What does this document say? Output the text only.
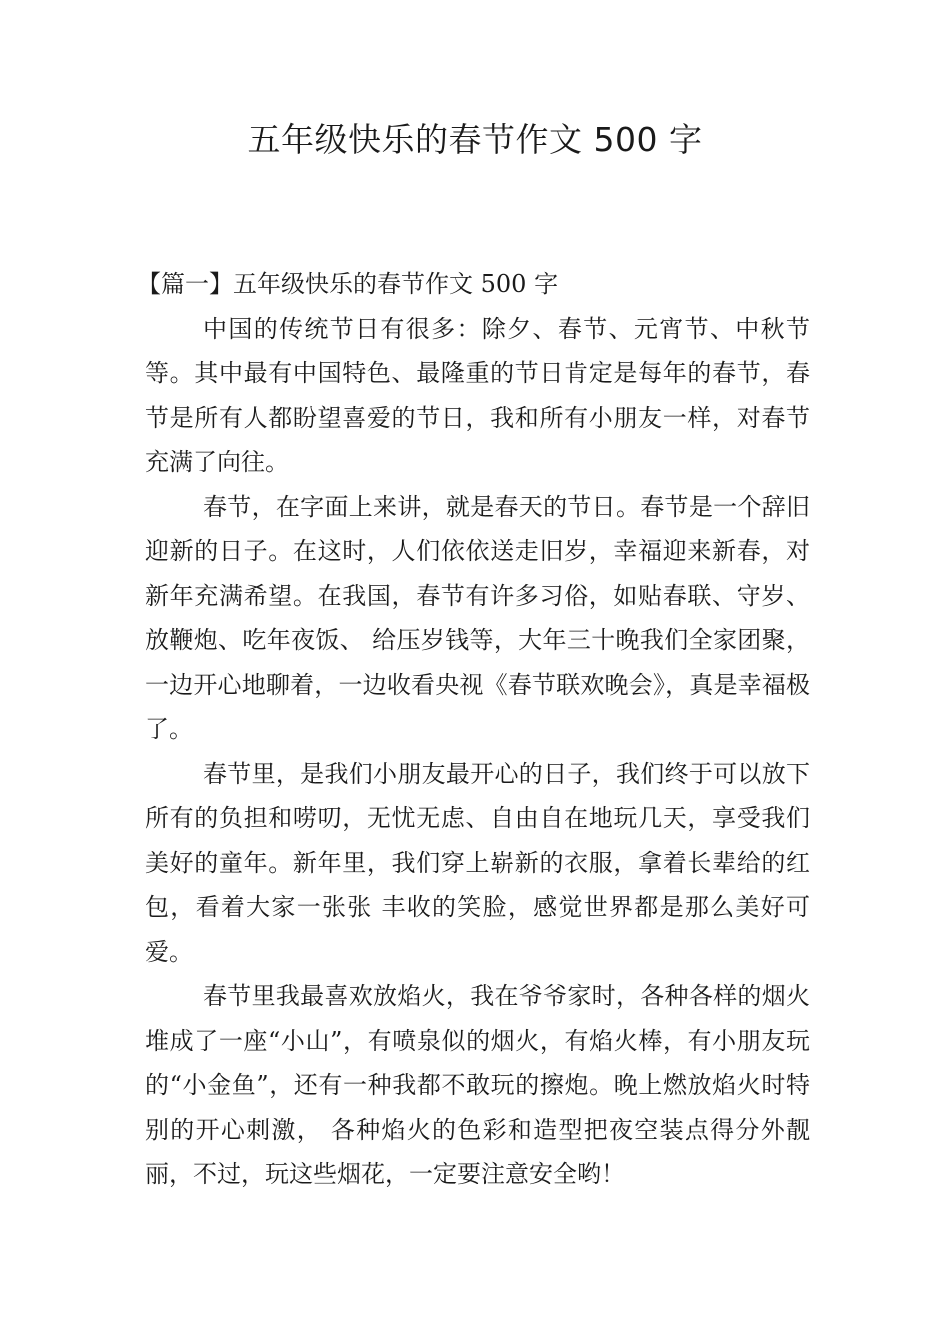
五年级快乐的春节作文 500 字

【篇一】五年级快乐的春节作文 500 字

中国的传统节日有很多：除夕、春节、元宵节、中秋节等。其中最有中国特色、最隆重的节日肯定是每年的春节，春节是所有人都盼望喜爱的节日，我和所有小朋友一样，对春节充满了向往。

春节，在字面上来讲，就是春天的节日。春节是一个辞旧迎新的日子。在这时，人们依依送走旧岁，幸福迎来新春，对新年充满希望。在我国，春节有许多习俗，如贴春联、守岁、放鞭炮、吃年夜饭、 给压岁钱等，大年三十晚我们全家团聚，一边开心地聊着，一边收看央视《春节联欢晚会》，真是幸福极了。

春节里，是我们小朋友最开心的日子，我们终于可以放下所有的负担和唠叨，无忧无虑、自由自在地玩几天，享受我们美好的童年。新年里，我们穿上崭新的衣服，拿着长辈给的红包，看着大家一张张 丰收的笑脸，感觉世界都是那么美好可爱。

春节里我最喜欢放焰火，我在爷爷家时，各种各样的烟火堆成了一座“小山”，有喷泉似的烟火，有焰火棒，有小朋友玩的“小金鱼”，还有一种我都不敢玩的擦炮。晚上燃放焰火时特别的开心刺激， 各种焰火的色彩和造型把夜空装点得分外靓丽，不过，玩这些烟花，一定要注意安全哟！
